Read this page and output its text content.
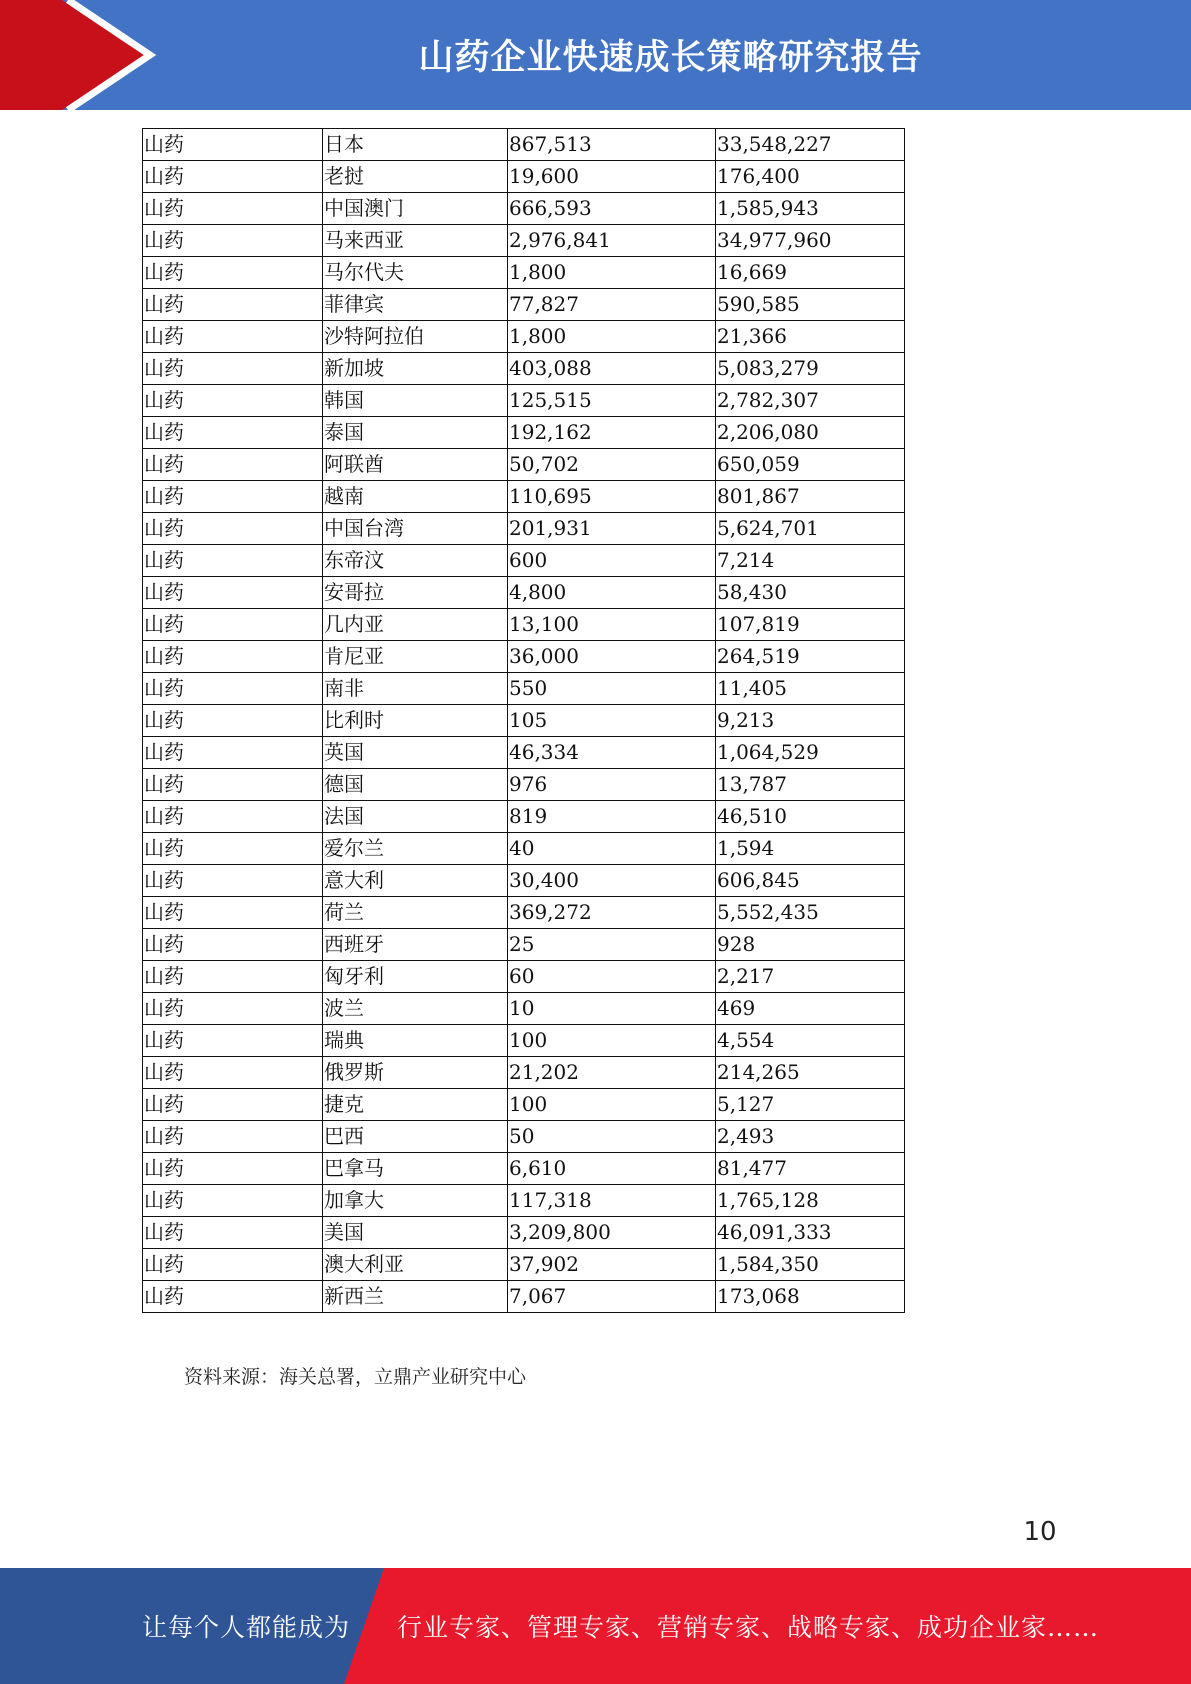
山药企业快速成长策略研究报告
山药	日本	867,513	33,548,227
山药	老挝	19,600	176,400
山药	中国澳门	666,593	1,585,943
山药	马来西亚	2,976,841	34,977,960
山药	马尔代夫	1,800	16,669
山药	菲律宾	77,827	590,585
山药	沙特阿拉伯	1,800	21,366
山药	新加坡	403,088	5,083,279
山药	韩国	125,515	2,782,307
山药	泰国	192,162	2,206,080
山药	阿联酋	50,702	650,059
山药	越南	110,695	801,867
山药	中国台湾	201,931	5,624,701
山药	东帝汶	600	7,214
山药	安哥拉	4,800	58,430
山药	几内亚	13,100	107,819
山药	肯尼亚	36,000	264,519
山药	南非	550	11,405
山药	比利时	105	9,213
山药	英国	46,334	1,064,529
山药	德国	976	13,787
山药	法国	819	46,510
山药	爱尔兰	40	1,594
山药	意大利	30,400	606,845
山药	荷兰	369,272	5,552,435
山药	西班牙	25	928
山药	匈牙利	60	2,217
山药	波兰	10	469
山药	瑞典	100	4,554
山药	俄罗斯	21,202	214,265
山药	捷克	100	5,127
山药	巴西	50	2,493
山药	巴拿马	6,610	81,477
山药	加拿大	117,318	1,765,128
山药	美国	3,209,800	46,091,333
山药	澳大利亚	37,902	1,584,350
山药	新西兰	7,067	173,068
资料来源：海关总署，立鼎产业研究中心
10
让每个人都能成为 行业专家、管理专家、营销专家、战略专家、成功企业家……
